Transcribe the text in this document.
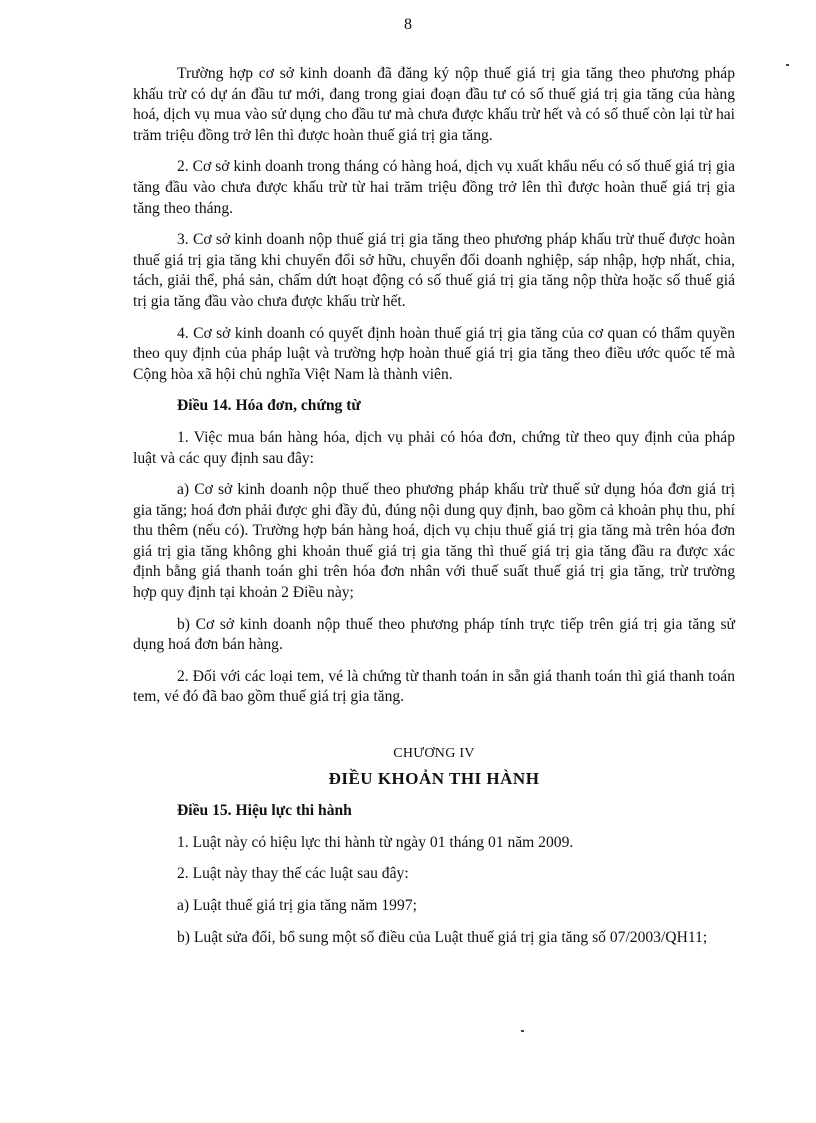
8

Trường hợp cơ sở kinh doanh đã đăng ký nộp thuế giá trị gia tăng theo phương pháp khấu trừ có dự án đầu tư mới, đang trong giai đoạn đầu tư có số thuế giá trị gia tăng của hàng hoá, dịch vụ mua vào sử dụng cho đầu tư mà chưa được khấu trừ hết và có số thuế còn lại từ hai trăm triệu đồng trở lên thì được hoàn thuế giá trị gia tăng.

2. Cơ sở kinh doanh trong tháng có hàng hoá, dịch vụ xuất khẩu nếu có số thuế giá trị gia tăng đầu vào chưa được khấu trừ từ hai trăm triệu đồng trở lên thì được hoàn thuế giá trị gia tăng theo tháng.

3. Cơ sở kinh doanh nộp thuế giá trị gia tăng theo phương pháp khấu trừ thuế được hoàn thuế giá trị gia tăng khi chuyển đổi sở hữu, chuyển đổi doanh nghiệp, sáp nhập, hợp nhất, chia, tách, giải thể, phá sản, chấm dứt hoạt động có số thuế giá trị gia tăng nộp thừa hoặc số thuế giá trị gia tăng đầu vào chưa được khấu trừ hết.

4. Cơ sở kinh doanh có quyết định hoàn thuế giá trị gia tăng của cơ quan có thẩm quyền theo quy định của pháp luật và trường hợp hoàn thuế giá trị gia tăng theo điều ước quốc tế mà Cộng hòa xã hội chủ nghĩa Việt Nam là thành viên.

Điều 14. Hóa đơn, chứng từ

1. Việc mua bán hàng hóa, dịch vụ phải có hóa đơn, chứng từ theo quy định của pháp luật và các quy định sau đây:

a) Cơ sở kinh doanh nộp thuế theo phương pháp khấu trừ thuế sử dụng hóa đơn giá trị gia tăng; hoá đơn phải được ghi đầy đủ, đúng nội dung quy định, bao gồm cả khoản phụ thu, phí thu thêm (nếu có). Trường hợp bán hàng hoá, dịch vụ chịu thuế giá trị gia tăng mà trên hóa đơn giá trị gia tăng không ghi khoản thuế giá trị gia tăng thì thuế giá trị gia tăng đầu ra được xác định bằng giá thanh toán ghi trên hóa đơn nhân với thuế suất thuế giá trị gia tăng, trừ trường hợp quy định tại khoản 2 Điều này;

b) Cơ sở kinh doanh nộp thuế theo phương pháp tính trực tiếp trên giá trị gia tăng sử dụng hoá đơn bán hàng.

2. Đối với các loại tem, vé là chứng từ thanh toán in sẵn giá thanh toán thì giá thanh toán tem, vé đó đã bao gồm thuế giá trị gia tăng.

CHƯƠNG IV

ĐIỀU KHOẢN THI HÀNH

Điều 15. Hiệu lực thi hành

1. Luật này có hiệu lực thi hành từ ngày 01 tháng 01 năm 2009.

2. Luật này thay thế các luật sau đây:

a) Luật thuế giá trị gia tăng năm 1997;

b) Luật sửa đổi, bổ sung một số điều của Luật thuế giá trị gia tăng số 07/2003/QH11;
